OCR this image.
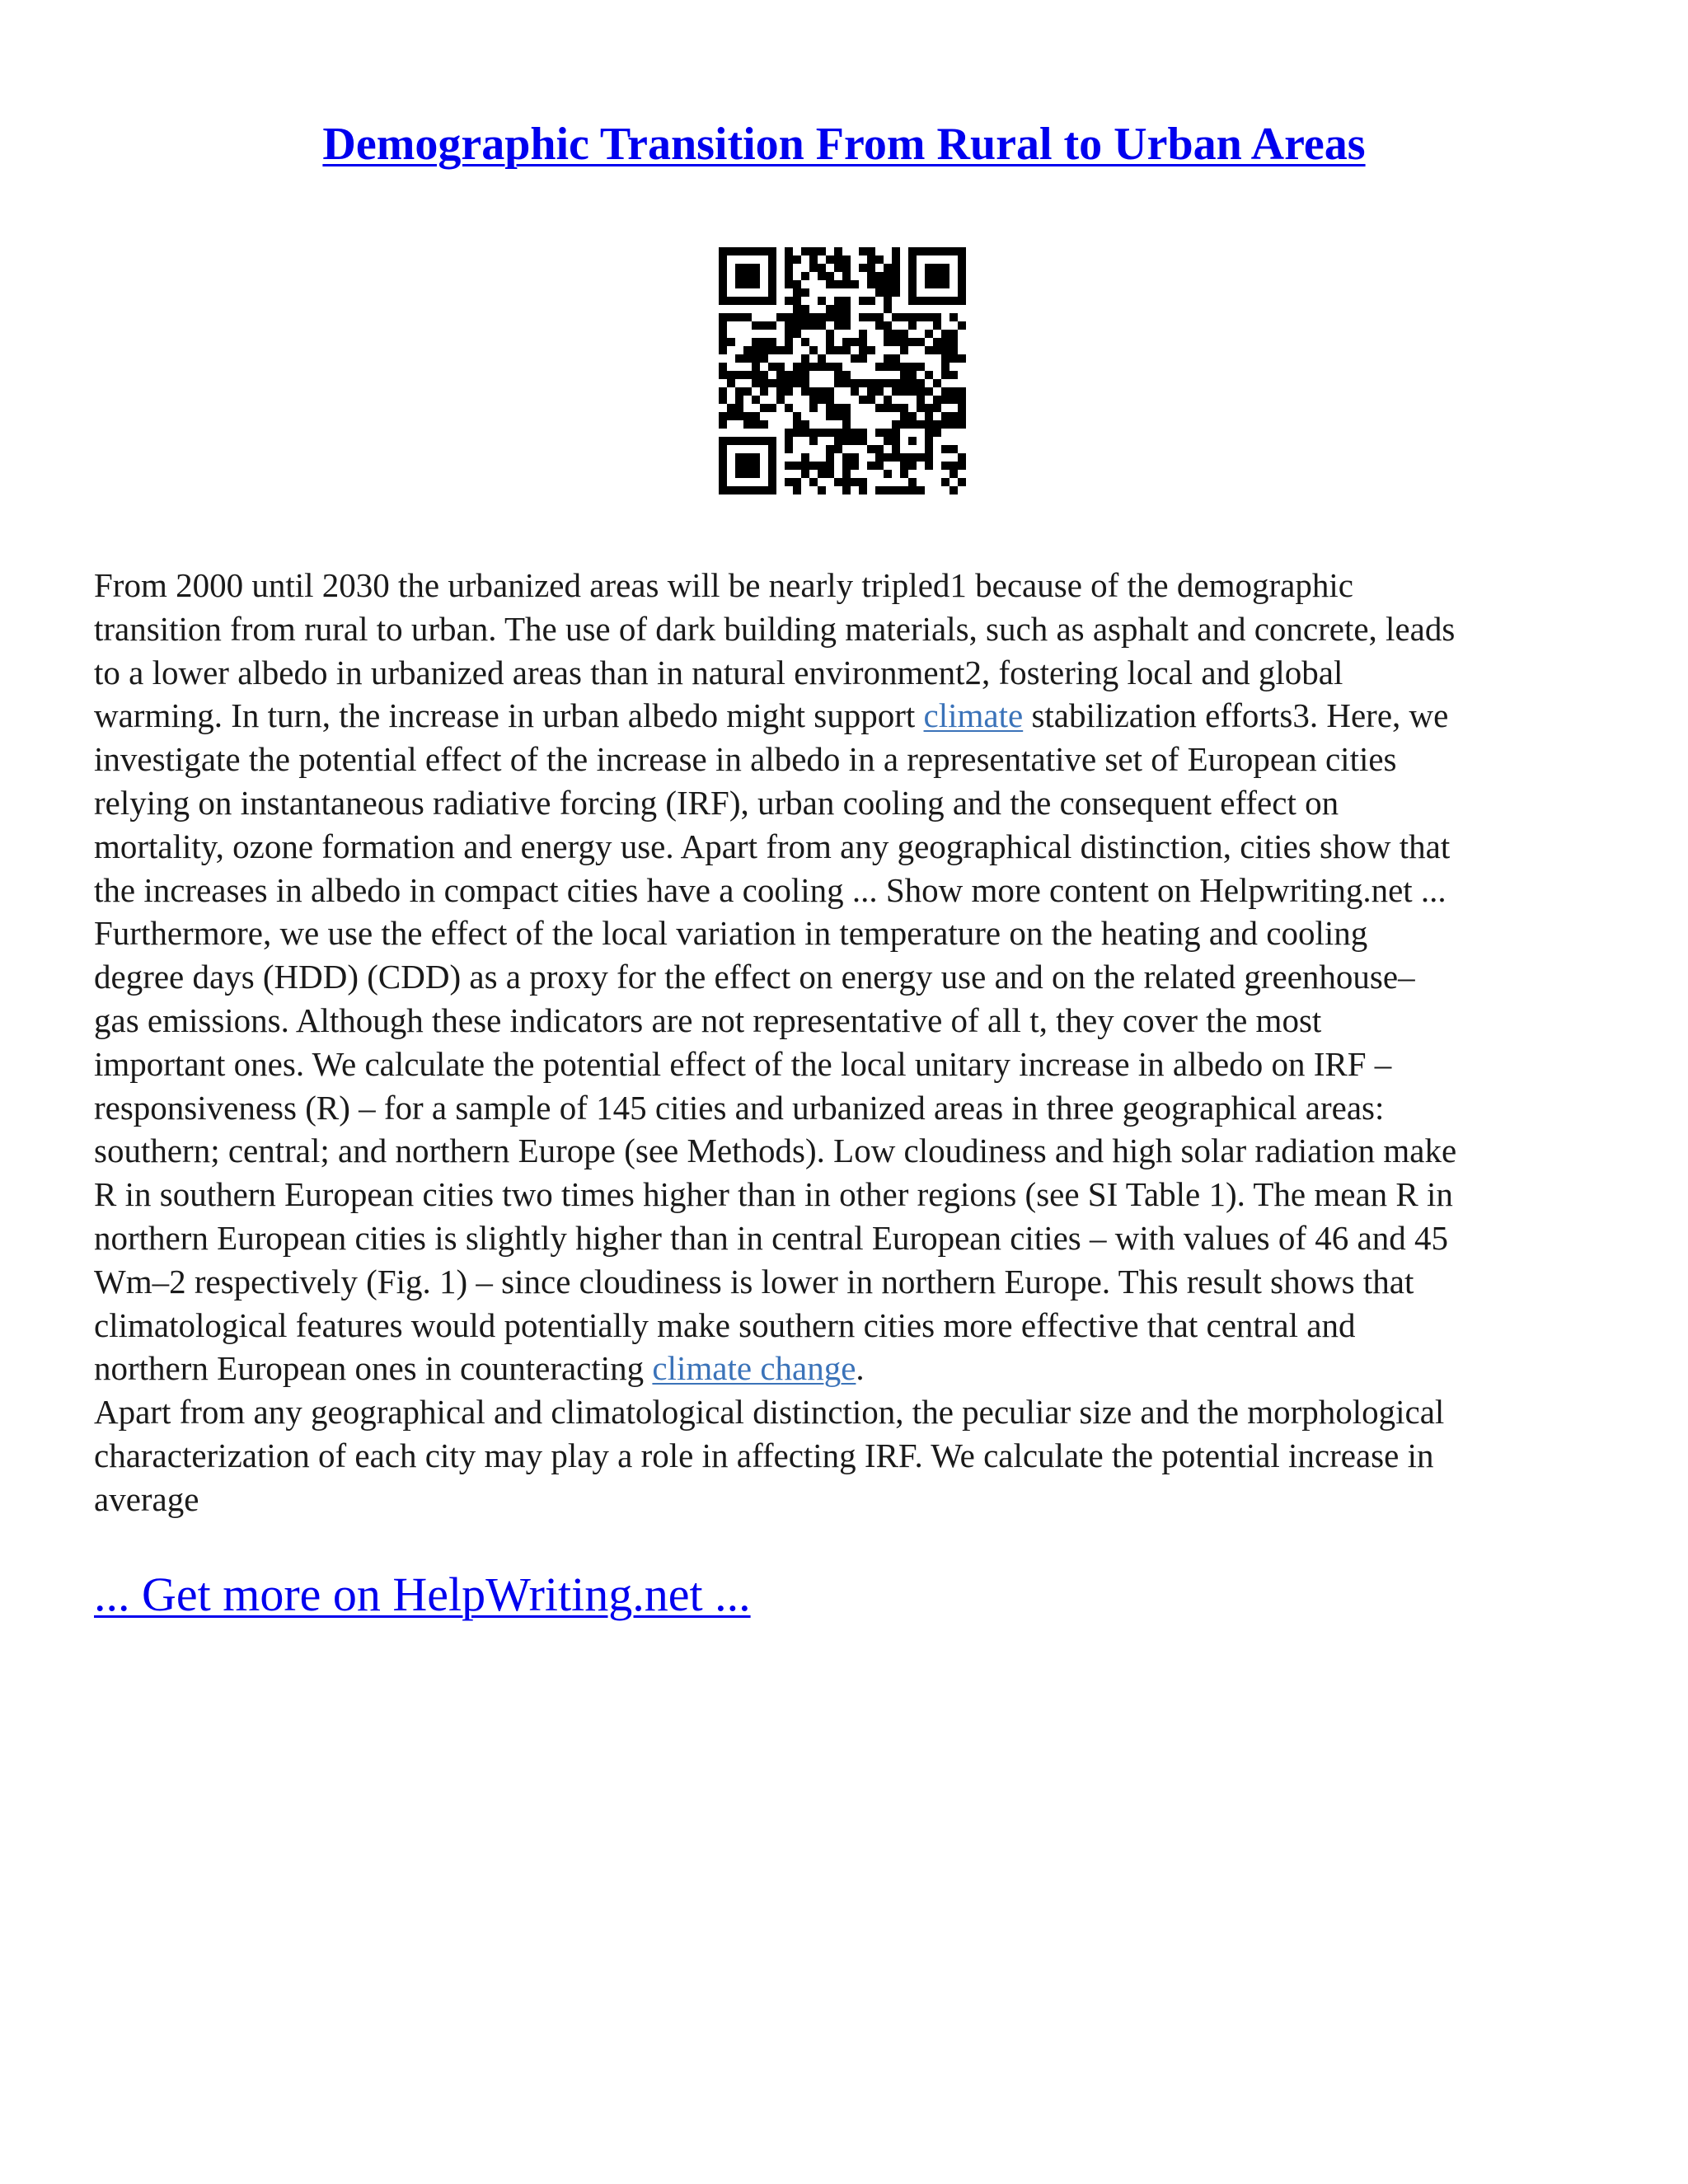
Demographic Transition From Rural to Urban Areas

From 2000 until 2030 the urbanized areas will be nearly tripled1 because of the demographic
transition from rural to urban. The use of dark building materials, such as asphalt and concrete, leads
to a lower albedo in urbanized areas than in natural environment2, fostering local and global
warming. In turn, the increase in urban albedo might support climate stabilization efforts3. Here, we
investigate the potential effect of the increase in albedo in a representative set of European cities
relying on instantaneous radiative forcing (IRF), urban cooling and the consequent effect on
mortality, ozone formation and energy use. Apart from any geographical distinction, cities show that
the increases in albedo in compact cities have a cooling ... Show more content on Helpwriting.net ...
Furthermore, we use the effect of the local variation in temperature on the heating and cooling
degree days (HDD) (CDD) as a proxy for the effect on energy use and on the related greenhouse–
gas emissions. Although these indicators are not representative of all t, they cover the most
important ones. We calculate the potential effect of the local unitary increase in albedo on IRF –
responsiveness (R) – for a sample of 145 cities and urbanized areas in three geographical areas:
southern; central; and northern Europe (see Methods). Low cloudiness and high solar radiation make
R in southern European cities two times higher than in other regions (see SI Table 1). The mean R in
northern European cities is slightly higher than in central European cities – with values of 46 and 45
Wm–2 respectively (Fig. 1) – since cloudiness is lower in northern Europe. This result shows that
climatological features would potentially make southern cities more effective that central and
northern European ones in counteracting climate change.

Apart from any geographical and climatological distinction, the peculiar size and the morphological
characterization of each city may play a role in affecting IRF. We calculate the potential increase in
average

... Get more on HelpWriting.net ...
